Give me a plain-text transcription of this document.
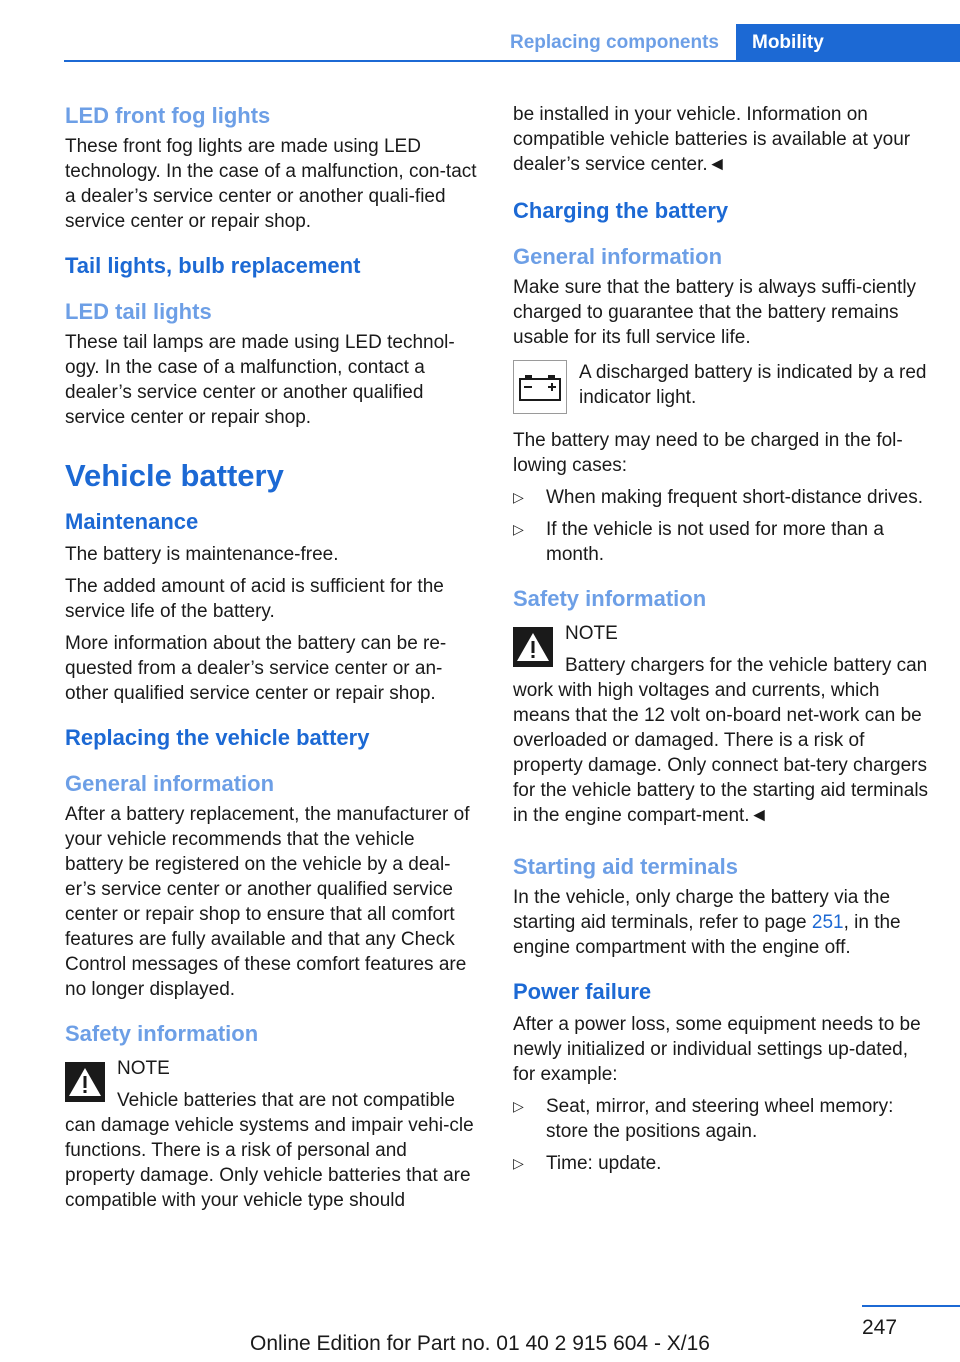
Replacing components	Mobility
LED front fog lights

These front fog lights are made using LED technology. In the case of a malfunction, con-tact a dealer’s service center or another quali-fied service center or repair shop.

Tail lights, bulb replacement
LED tail lights

These tail lamps are made using LED technol-ogy. In the case of a malfunction, contact a dealer’s service center or another qualified service center or repair shop.

Vehicle battery
Maintenance

The battery is maintenance-free.

The added amount of acid is sufficient for the service life of the battery.

More information about the battery can be re-quested from a dealer’s service center or an-other qualified service center or repair shop.

Replacing the vehicle battery
General information

After a battery replacement, the manufacturer of your vehicle recommends that the vehicle battery be registered on the vehicle by a deal-er’s service center or another qualified service center or repair shop to ensure that all comfort features are fully available and that any Check Control messages of these comfort features are no longer displayed.

Safety information
NOTE

Vehicle batteries that are not compatible can damage vehicle systems and impair vehi-cle functions. There is a risk of personal and property damage. Only vehicle batteries that are compatible with your vehicle type should

be installed in your vehicle. Information on compatible vehicle batteries is available at your dealer’s service center.◄

Charging the battery
General information

Make sure that the battery is always suffi-ciently charged to guarantee that the battery remains usable for its full service life.

A discharged battery is indicated by a red indicator light.

The battery may need to be charged in the fol-lowing cases:

▷ When making frequent short-distance drives.
▷ If the vehicle is not used for more than a month.
Safety information
NOTE

Battery chargers for the vehicle battery can work with high voltages and currents, which means that the 12 volt on-board net-work can be overloaded or damaged. There is a risk of property damage. Only connect bat-tery chargers for the vehicle battery to the starting aid terminals in the engine compart-ment.◄

Starting aid terminals

In the vehicle, only charge the battery via the starting aid terminals, refer to page 251, in the engine compartment with the engine off.

Power failure

After a power loss, some equipment needs to be newly initialized or individual settings up-dated, for example:

▷ Seat, mirror, and steering wheel memory: store the positions again.
▷ Time: update.
247
Online Edition for Part no. 01 40 2 915 604 - X/16
